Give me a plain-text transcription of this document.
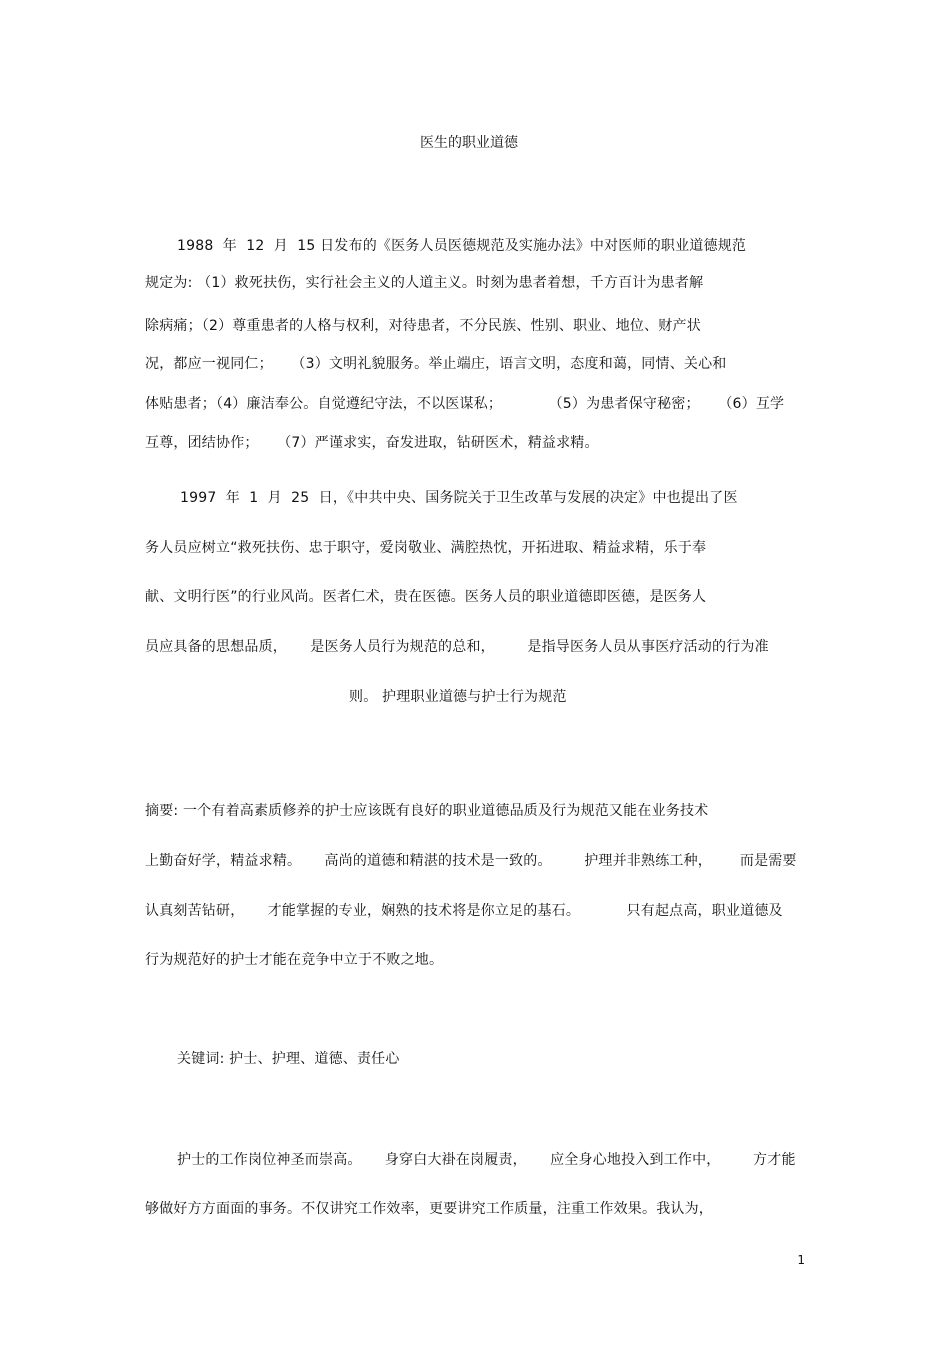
医生的职业道德
1988  年  12  月  15 日发布的《医务人员医德规范及实施办法》中对医师的职业道德规范
规定为: （1）救死扶伤，实行社会主义的人道主义。时刻为患者着想，千方百计为患者解
除病痛；（2）尊重患者的人格与权利，对待患者，不分民族、性别、职业、地位、财产状
况，都应一视同仁；    （3）文明礼貌服务。举止端庄，语言文明，态度和蔼，同情、关心和
体贴患者；（4）廉洁奉公。自觉遵纪守法，不以医谋私；          （5）为患者保守秘密；    （6）互学
互尊，团结协作；    （7）严谨求实，奋发进取，钻研医术，精益求精。
1997  年  1  月  25  日，《中共中央、国务院关于卫生改革与发展的决定》中也提出了医
务人员应树立“救死扶伤、忠于职守，爱岗敬业、满腔热忱，开拓进取、精益求精，乐于奉
献、文明行医”的行业风尚。医者仁术，贵在医德。医务人员的职业道德即医德，是医务人
员应具备的思想品质，     是医务人员行为规范的总和，       是指导医务人员从事医疗活动的行为准
则。 护理职业道德与护士行为规范
摘要: 一个有着高素质修养的护士应该既有良好的职业道德品质及行为规范又能在业务技术
上勤奋好学，精益求精。     高尚的道德和精湛的技术是一致的。       护理并非熟练工种，      而是需要
认真刻苦钻研，     才能掌握的专业，娴熟的技术将是你立足的基石。          只有起点高，职业道德及
行为规范好的护士才能在竞争中立于不败之地。
关键词: 护士、护理、道德、责任心
护士的工作岗位神圣而崇高。     身穿白大褂在岗履责，     应全身心地投入到工作中，       方才能
够做好方方面面的事务。不仅讲究工作效率，更要讲究工作质量，注重工作效果。我认为，
1
